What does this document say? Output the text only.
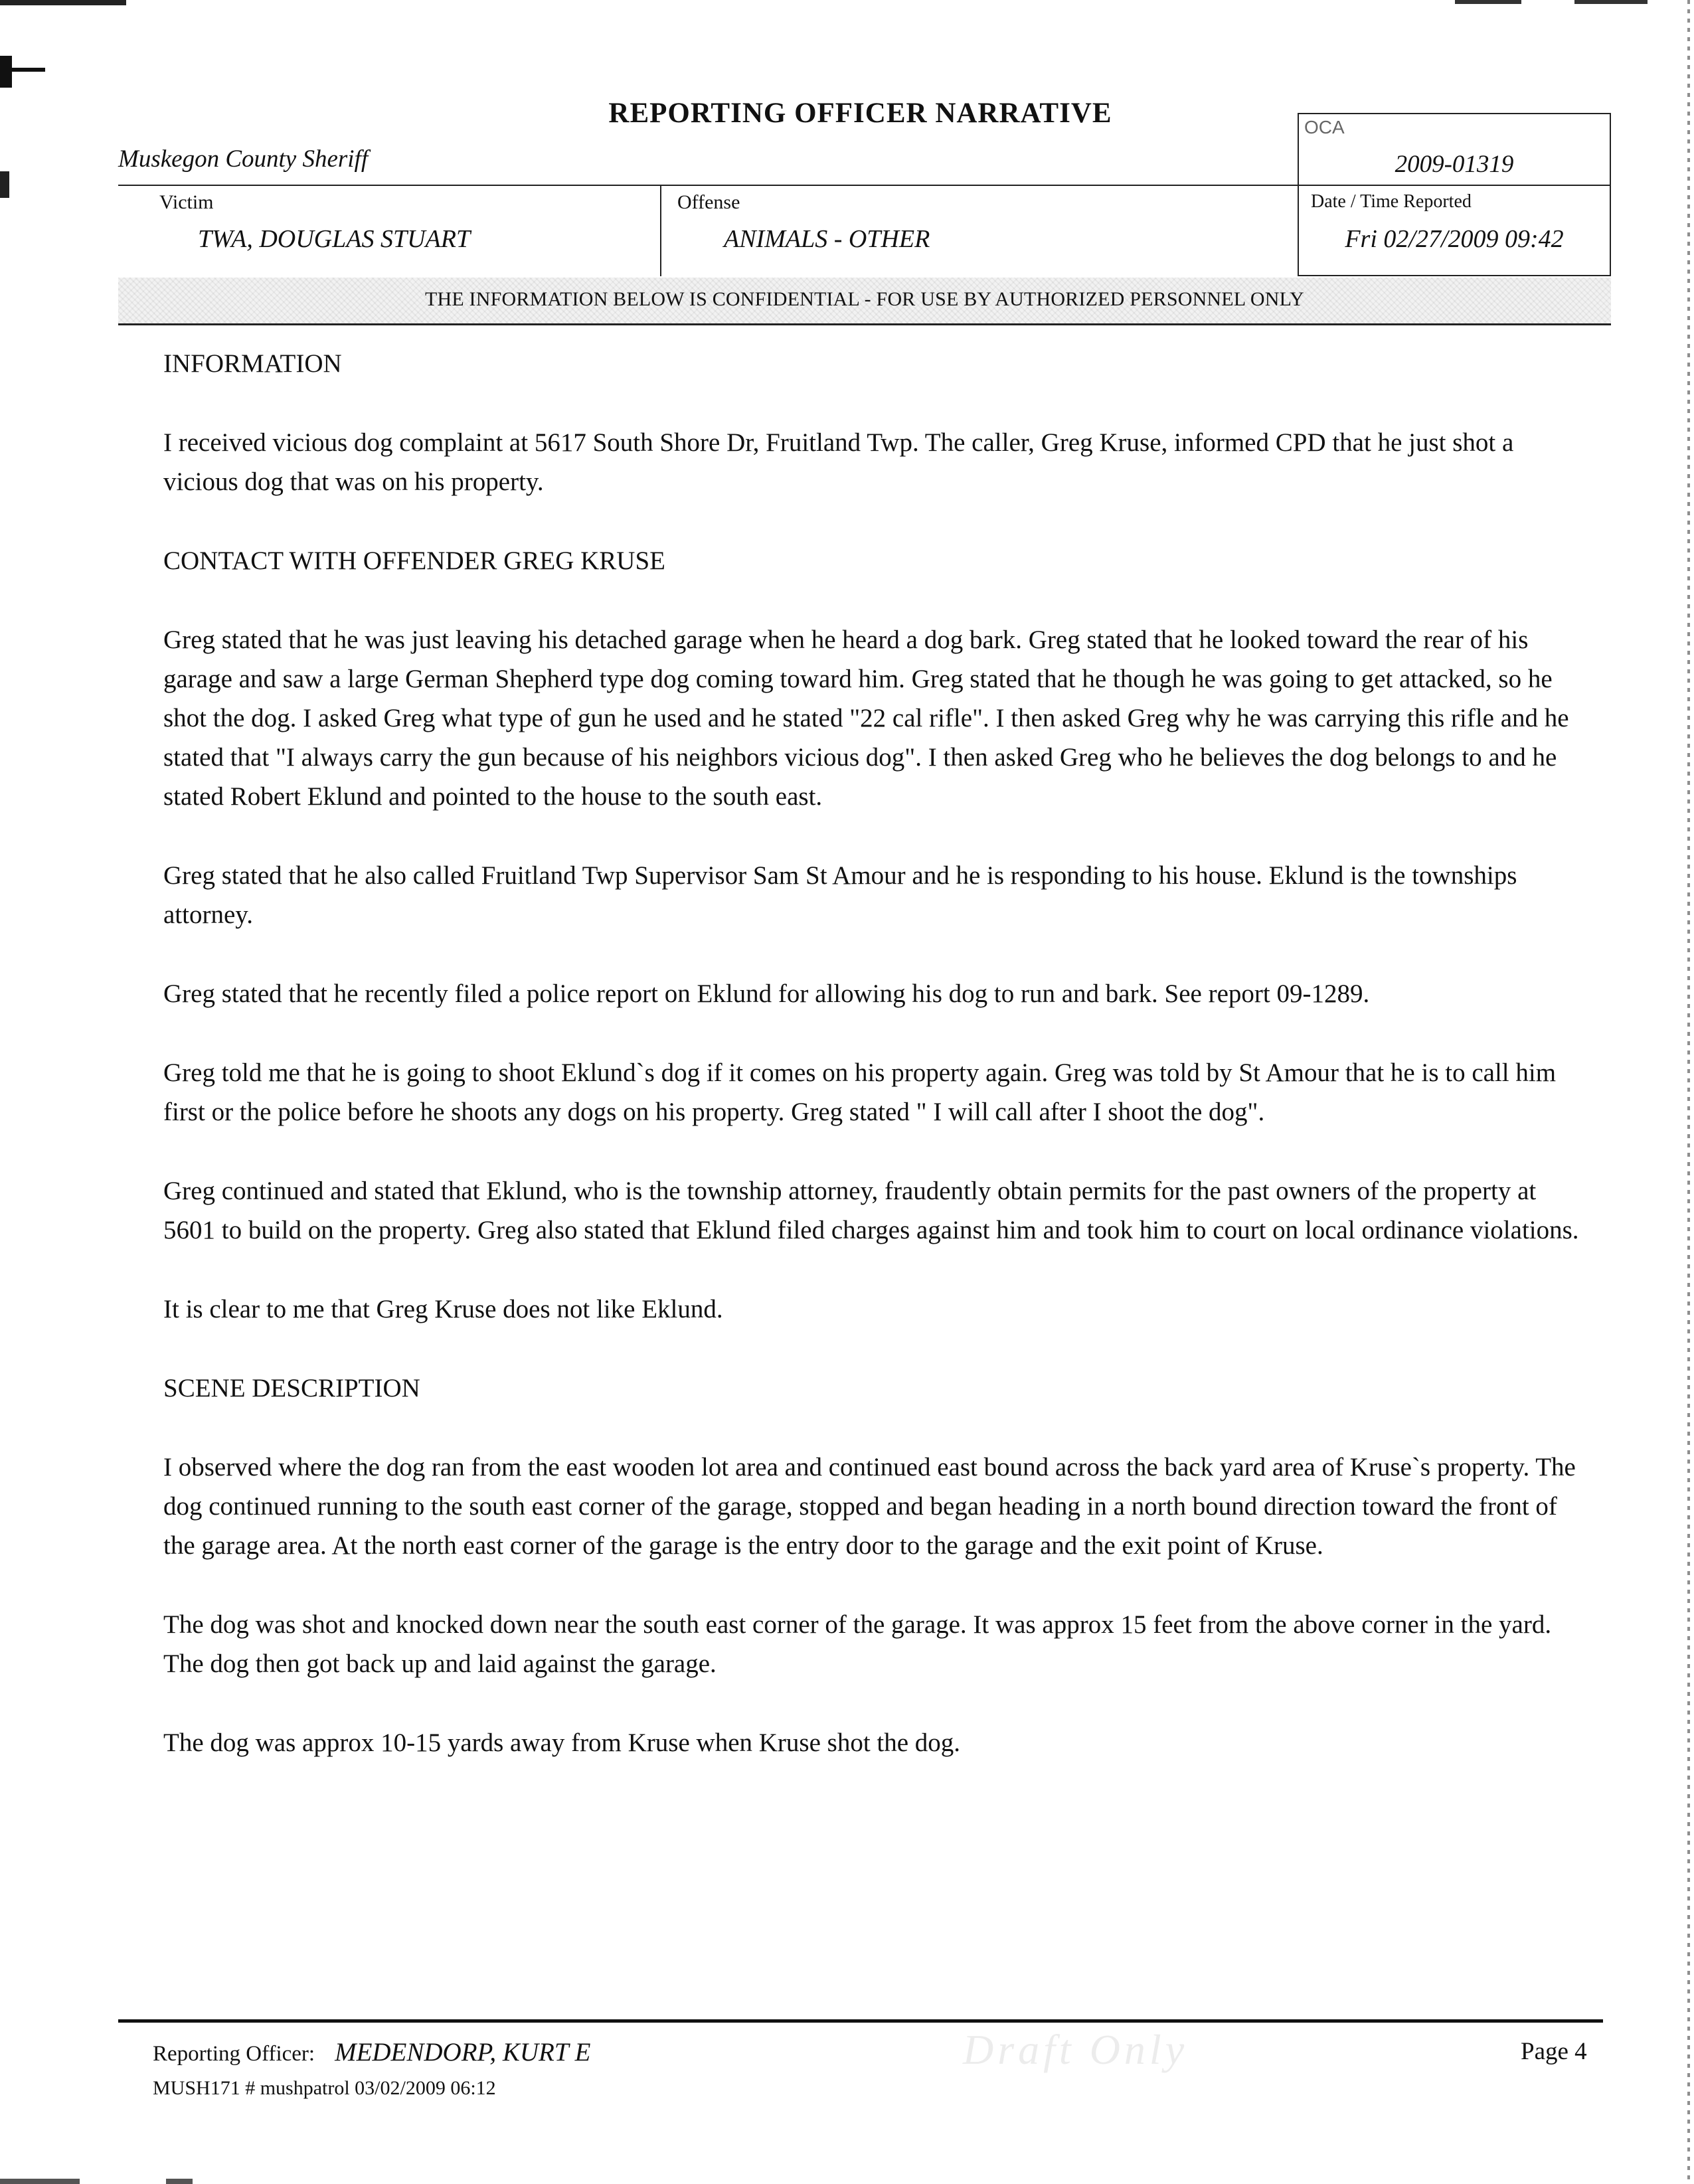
REPORTING OFFICER NARRATIVE
Muskegon County Sheriff
OCA
2009-01319
Victim
TWA, DOUGLAS STUART
Offense
ANIMALS - OTHER
Date / Time Reported
Fri 02/27/2009 09:42
THE INFORMATION BELOW IS CONFIDENTIAL - FOR USE BY AUTHORIZED PERSONNEL ONLY

INFORMATION

I received vicious dog complaint at 5617 South Shore Dr, Fruitland Twp. The caller, Greg Kruse, informed CPD that he just shot a vicious dog that was on his property.

CONTACT WITH OFFENDER GREG KRUSE

Greg stated that he was just leaving his detached garage when he heard a dog bark. Greg stated that he looked toward the rear of his garage and saw a large German Shepherd type dog coming toward him. Greg stated that he though he was going to get attacked, so he shot the dog. I asked Greg what type of gun he used and he stated "22 cal rifle". I then asked Greg why he was carrying this rifle and he stated that "I always carry the gun because of his neighbors vicious dog". I then asked Greg who he believes the dog belongs to and he stated Robert Eklund and pointed to the house to the south east.

Greg stated that he also called Fruitland Twp Supervisor Sam St Amour and he is responding to his house. Eklund is the townships attorney.

Greg stated that he recently filed a police report on Eklund for allowing his dog to run and bark. See report 09-1289.

Greg told me that he is going to shoot Eklund`s dog if it comes on his property again. Greg was told by St Amour that he is to call him first or the police before he shoots any dogs on his property. Greg stated " I will call after I shoot the dog".

Greg continued and stated that Eklund, who is the township attorney, fraudently obtain permits for the past owners of the property at 5601 to build on the property. Greg also stated that Eklund filed charges against him and took him to court on local ordinance violations.

It is clear to me that Greg Kruse does not like Eklund.

SCENE DESCRIPTION

I observed where the dog ran from the east wooden lot area and continued east bound across the back yard area of Kruse`s property. The dog continued running to the south east corner of the garage, stopped and began heading in a north bound direction toward the front of the garage area. At the north east corner of the garage is the entry door to the garage and the exit point of Kruse.

The dog was shot and knocked down near the south east corner of the garage. It was approx 15 feet from the above corner in the yard. The dog then got back up and laid against the garage.

The dog was approx 10-15 yards away from Kruse when Kruse shot the dog.

Reporting Officer: MEDENDORP, KURT E	Draft Only	Page 4
MUSH171 # mushpatrol 03/02/2009 06:12
